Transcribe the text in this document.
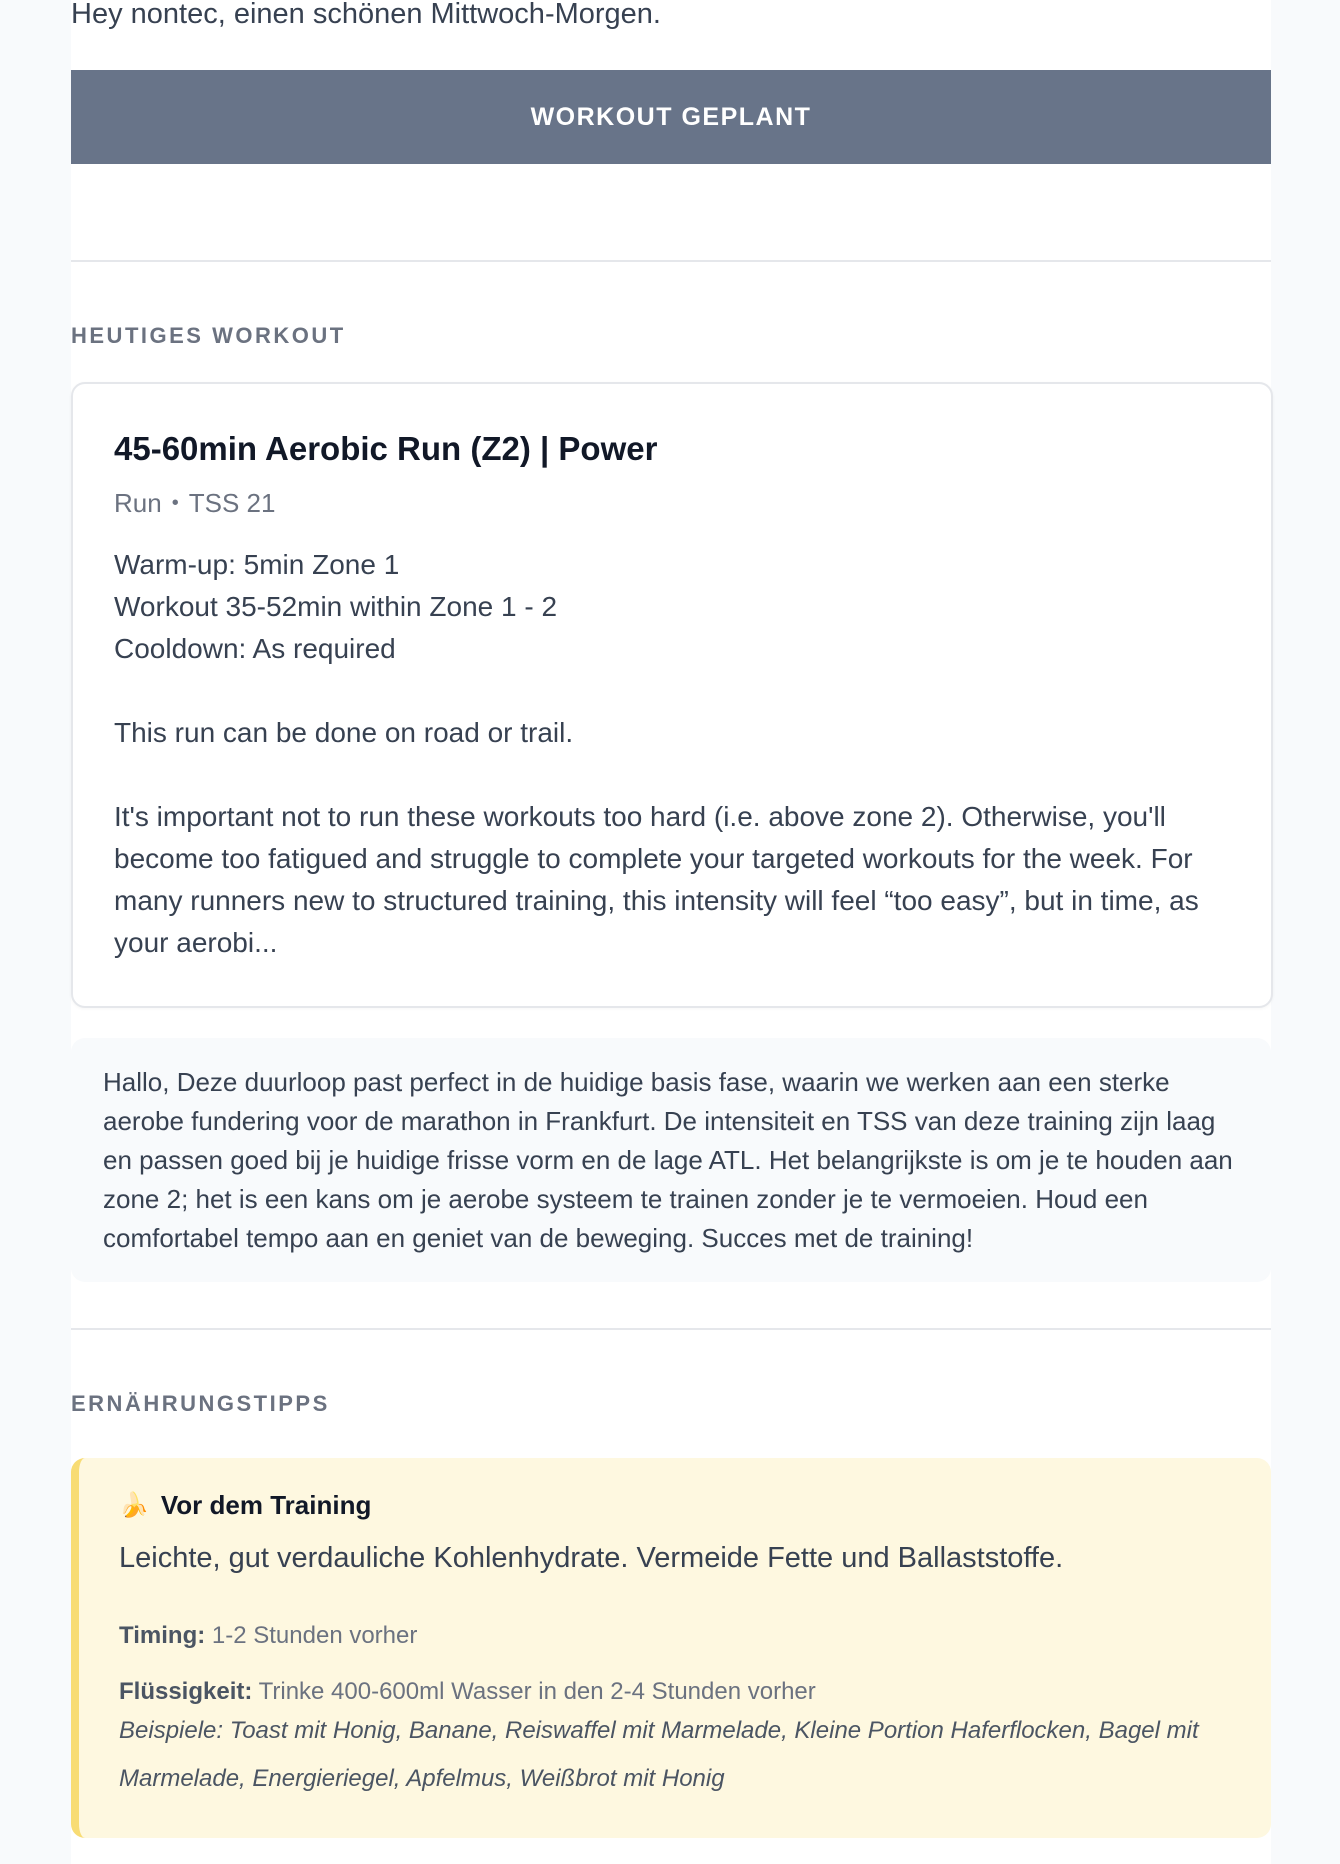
Hey nontec, einen schönen Mittwoch-Morgen.
WORKOUT GEPLANT
HEUTIGES WORKOUT
45-60min Aerobic Run (Z2) | Power
Run • TSS 21
Warm-up: 5min Zone 1
Workout 35-52min within Zone 1 - 2
Cooldown: As required

This run can be done on road or trail.

It's important not to run these workouts too hard (i.e. above zone 2). Otherwise, you'll become too fatigued and struggle to complete your targeted workouts for the week. For many runners new to structured training, this intensity will feel “too easy”, but in time, as your aerobi...
Hallo, Deze duurloop past perfect in de huidige basis fase, waarin we werken aan een sterke aerobe fundering voor de marathon in Frankfurt. De intensiteit en TSS van deze training zijn laag en passen goed bij je huidige frisse vorm en de lage ATL. Het belangrijkste is om je te houden aan zone 2; het is een kans om je aerobe systeem te trainen zonder je te vermoeien. Houd een comfortabel tempo aan en geniet van de beweging. Succes met de training!
ERNÄHRUNGSTIPPS
🍌 Vor dem Training
Leichte, gut verdauliche Kohlenhydrate. Vermeide Fette und Ballaststoffe.
Timing: 1-2 Stunden vorher
Flüssigkeit: Trinke 400-600ml Wasser in den 2-4 Stunden vorher
Beispiele: Toast mit Honig, Banane, Reiswaffel mit Marmelade, Kleine Portion Haferflocken, Bagel mit Marmelade, Energieriegel, Apfelmus, Weißbrot mit Honig
